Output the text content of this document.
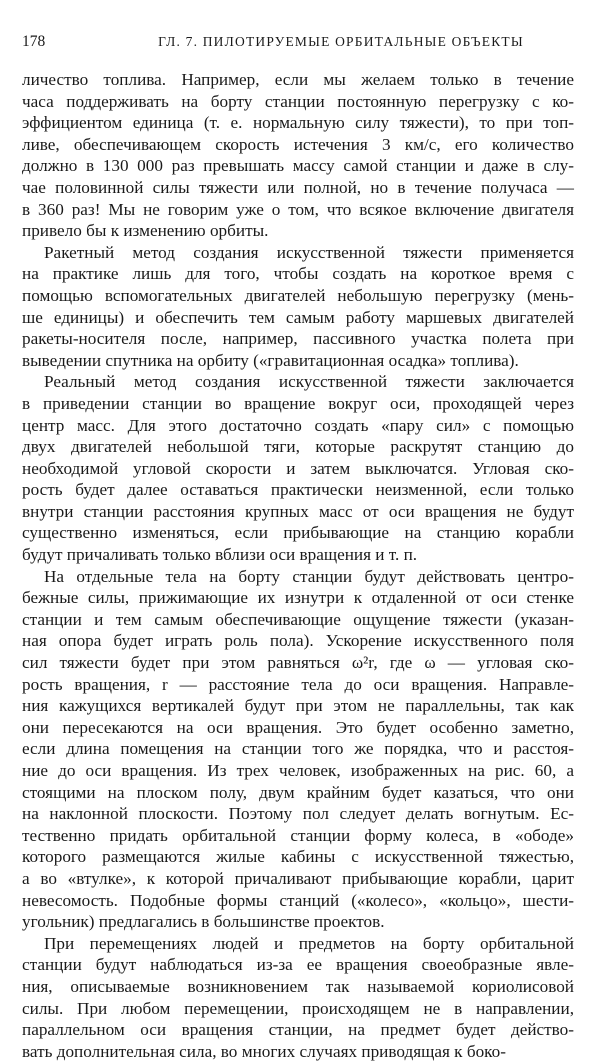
178	ГЛ. 7. ПИЛОТИРУЕМЫЕ ОРБИТАЛЬНЫЕ ОБЪЕКТЫ
личество топлива. Например, если мы желаем только в течение
часа поддерживать на борту станции постоянную перегрузку с ко-
эффициентом единица (т. е. нормальную силу тяжести), то при топ-
ливе, обеспечивающем скорость истечения 3 км/с, его количество
должно в 130 000 раз превышать массу самой станции и даже в слу-
чае половинной силы тяжести или полной, но в течение получаса —
в 360 раз! Мы не говорим уже о том, что всякое включение двигателя
привело бы к изменению орбиты.
Ракетный метод создания искусственной тяжести применяется
на практике лишь для того, чтобы создать на короткое время с
помощью вспомогательных двигателей небольшую перегрузку (мень-
ше единицы) и обеспечить тем самым работу маршевых двигателей
ракеты-носителя после, например, пассивного участка полета при
выведении спутника на орбиту («гравитационная осадка» топлива).
Реальный метод создания искусственной тяжести заключается
в приведении станции во вращение вокруг оси, проходящей через
центр масс. Для этого достаточно создать «пару сил» с помощью
двух двигателей небольшой тяги, которые раскрутят станцию до
необходимой угловой скорости и затем выключатся. Угловая ско-
рость будет далее оставаться практически неизменной, если только
внутри станции расстояния крупных масс от оси вращения не будут
существенно изменяться, если прибывающие на станцию корабли
будут причаливать только вблизи оси вращения и т. п.
На отдельные тела на борту станции будут действовать центро-
бежные силы, прижимающие их изнутри к отдаленной от оси стенке
станции и тем самым обеспечивающие ощущение тяжести (указан-
ная опора будет играть роль пола). Ускорение искусственного поля
сил тяжести будет при этом равняться ω²r, где ω — угловая ско-
рость вращения, r — расстояние тела до оси вращения. Направле-
ния кажущихся вертикалей будут при этом не параллельны, так как
они пересекаются на оси вращения. Это будет особенно заметно,
если длина помещения на станции того же порядка, что и расстоя-
ние до оси вращения. Из трех человек, изображенных на рис. 60, а
стоящими на плоском полу, двум крайним будет казаться, что они
на наклонной плоскости. Поэтому пол следует делать вогнутым. Ес-
тественно придать орбитальной станции форму колеса, в «ободе»
которого размещаются жилые кабины с искусственной тяжестью,
а во «втулке», к которой причаливают прибывающие корабли, царит
невесомость. Подобные формы станций («колесо», «кольцо», шести-
угольник) предлагались в большинстве проектов.
При перемещениях людей и предметов на борту орбитальной
станции будут наблюдаться из-за ее вращения своеобразные явле-
ния, описываемые возникновением так называемой кориолисовой
силы. При любом перемещении, происходящем не в направлении,
параллельном оси вращения станции, на предмет будет действо-
вать дополнительная сила, во многих случаях приводящая к боко-
